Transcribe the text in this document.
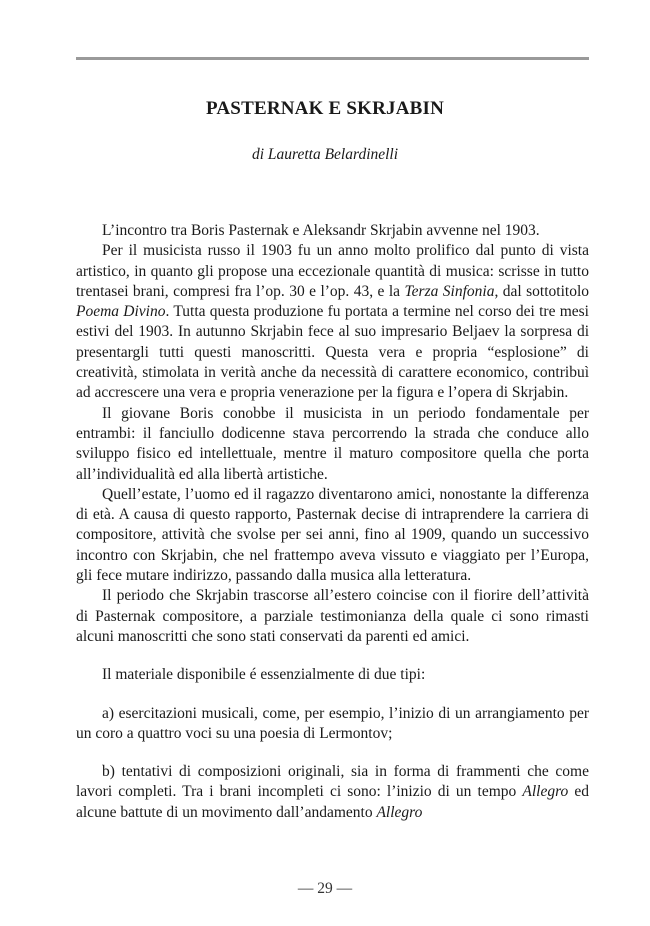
PASTERNAK E SKRJABIN

di Lauretta Belardinelli

L’incontro tra Boris Pasternak e Aleksandr Skrjabin avvenne nel 1903.

Per il musicista russo il 1903 fu un anno molto prolifico dal punto di vista artistico, in quanto gli propose una eccezionale quantità di musica: scrisse in tutto trentasei brani, compresi fra l’op. 30 e l’op. 43, e la Terza Sinfonia, dal sottotitolo Poema Divino. Tutta questa produzione fu portata a termine nel corso dei tre mesi estivi del 1903. In autunno Skrjabin fece al suo impresario Beljaev la sorpresa di presentargli tutti questi manoscritti. Questa vera e propria “esplosione” di creatività, stimolata in verità anche da necessità di carattere economico, contribuì ad accrescere una vera e propria venerazione per la figura e l’opera di Skrjabin.

Il giovane Boris conobbe il musicista in un periodo fondamentale per entrambi: il fanciullo dodicenne stava percorrendo la strada che conduce allo sviluppo fisico ed intellettuale, mentre il maturo compositore quella che porta all’individualità ed alla libertà artistiche.

Quell’estate, l’uomo ed il ragazzo diventarono amici, nonostante la differenza di età. A causa di questo rapporto, Pasternak decise di intraprendere la carriera di compositore, attività che svolse per sei anni, fino al 1909, quando un successivo incontro con Skrjabin, che nel frattempo aveva vissuto e viaggiato per l’Europa, gli fece mutare indirizzo, passando dalla musica alla letteratura.

Il periodo che Skrjabin trascorse all’estero coincise con il fiorire dell’attività di Pasternak compositore, a parziale testimonianza della quale ci sono rimasti alcuni manoscritti che sono stati conservati da parenti ed amici.

Il materiale disponibile é essenzialmente di due tipi:

a) esercitazioni musicali, come, per esempio, l’inizio di un arrangiamento per un coro a quattro voci su una poesia di Lermontov;

b) tentativi di composizioni originali, sia in forma di frammenti che come lavori completi. Tra i brani incompleti ci sono: l’inizio di un tempo Allegro ed alcune battute di un movimento dall’andamento Allegro

— 29 —
